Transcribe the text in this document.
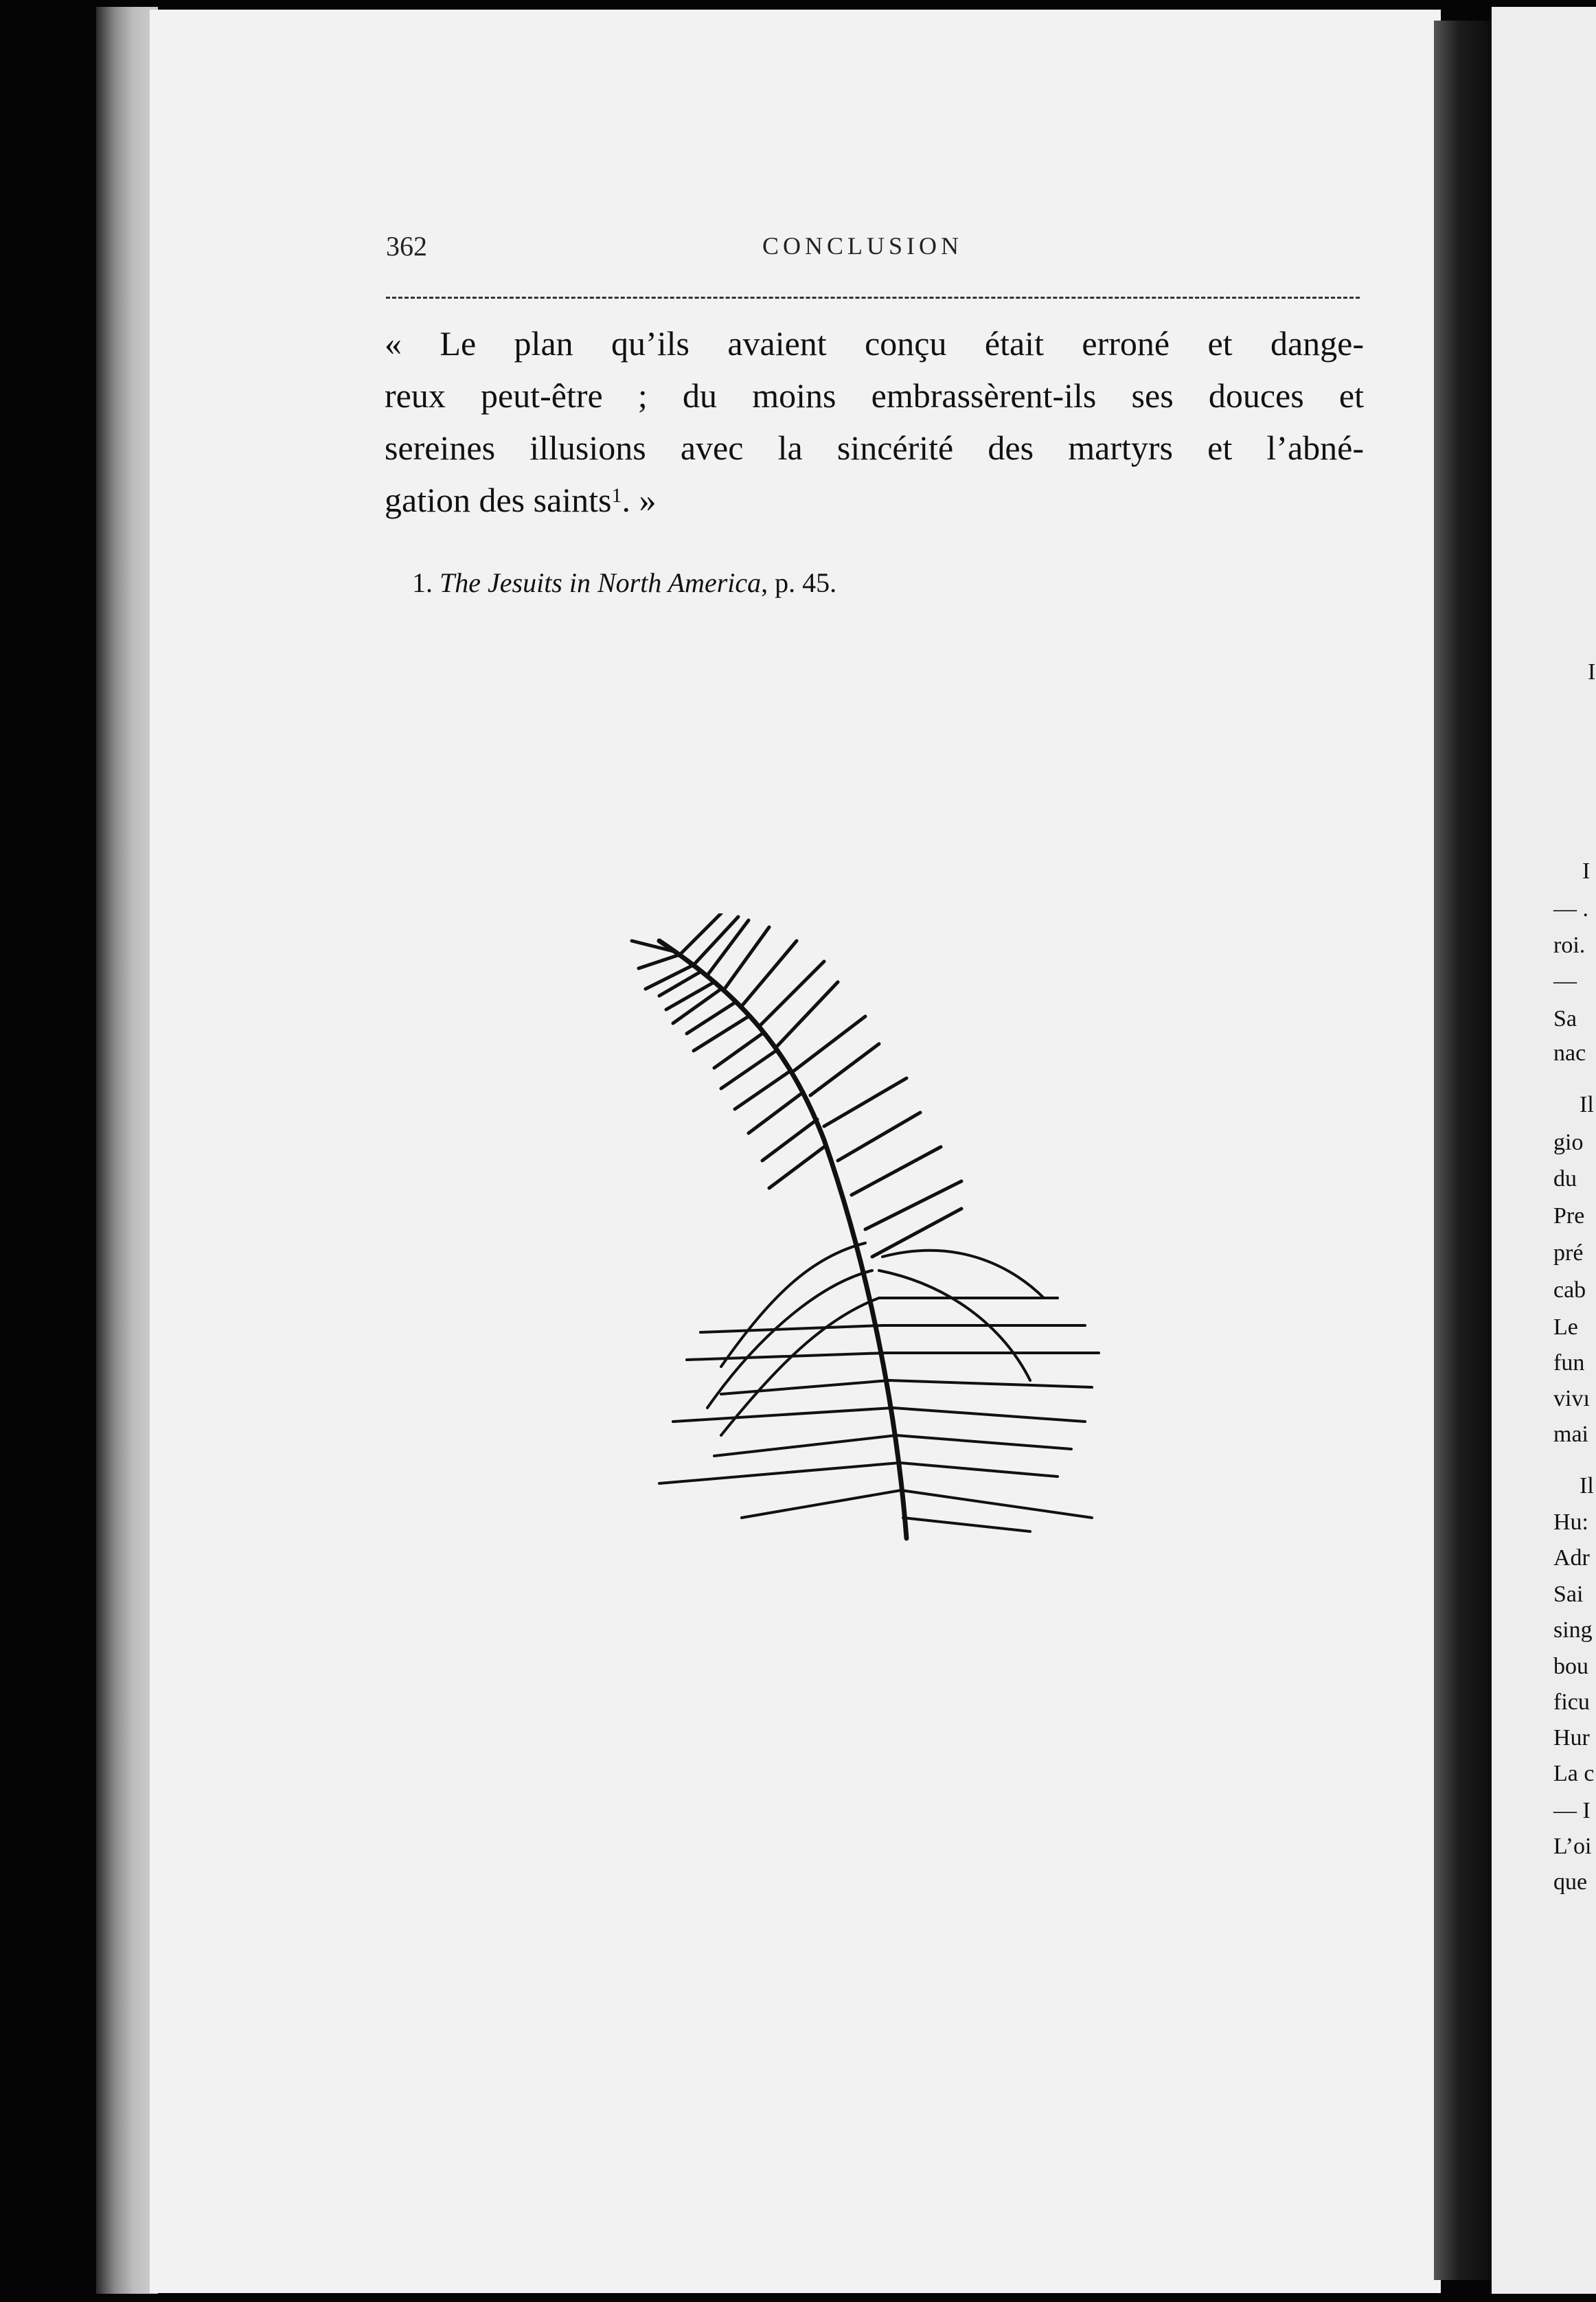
362	CONCLUSION
« Le plan qu’ils avaient conçu était erroné et dange-
reux peut-être ; du moins embrassèrent-ils ses douces et
sereines illusions avec la sincérité des martyrs et l’abné-
gation des saints$^1$. »
1. The Jesuits in North America, p. 45.
I
I
— .
roi.
—
Sa
nac
Il
gio
du
Pre
pré
cab
Le
fun
vivı
mai
Il
Hu:
Adr
Sai
sing
bou
ficu
Hur
La c
— I
L’oi
que
